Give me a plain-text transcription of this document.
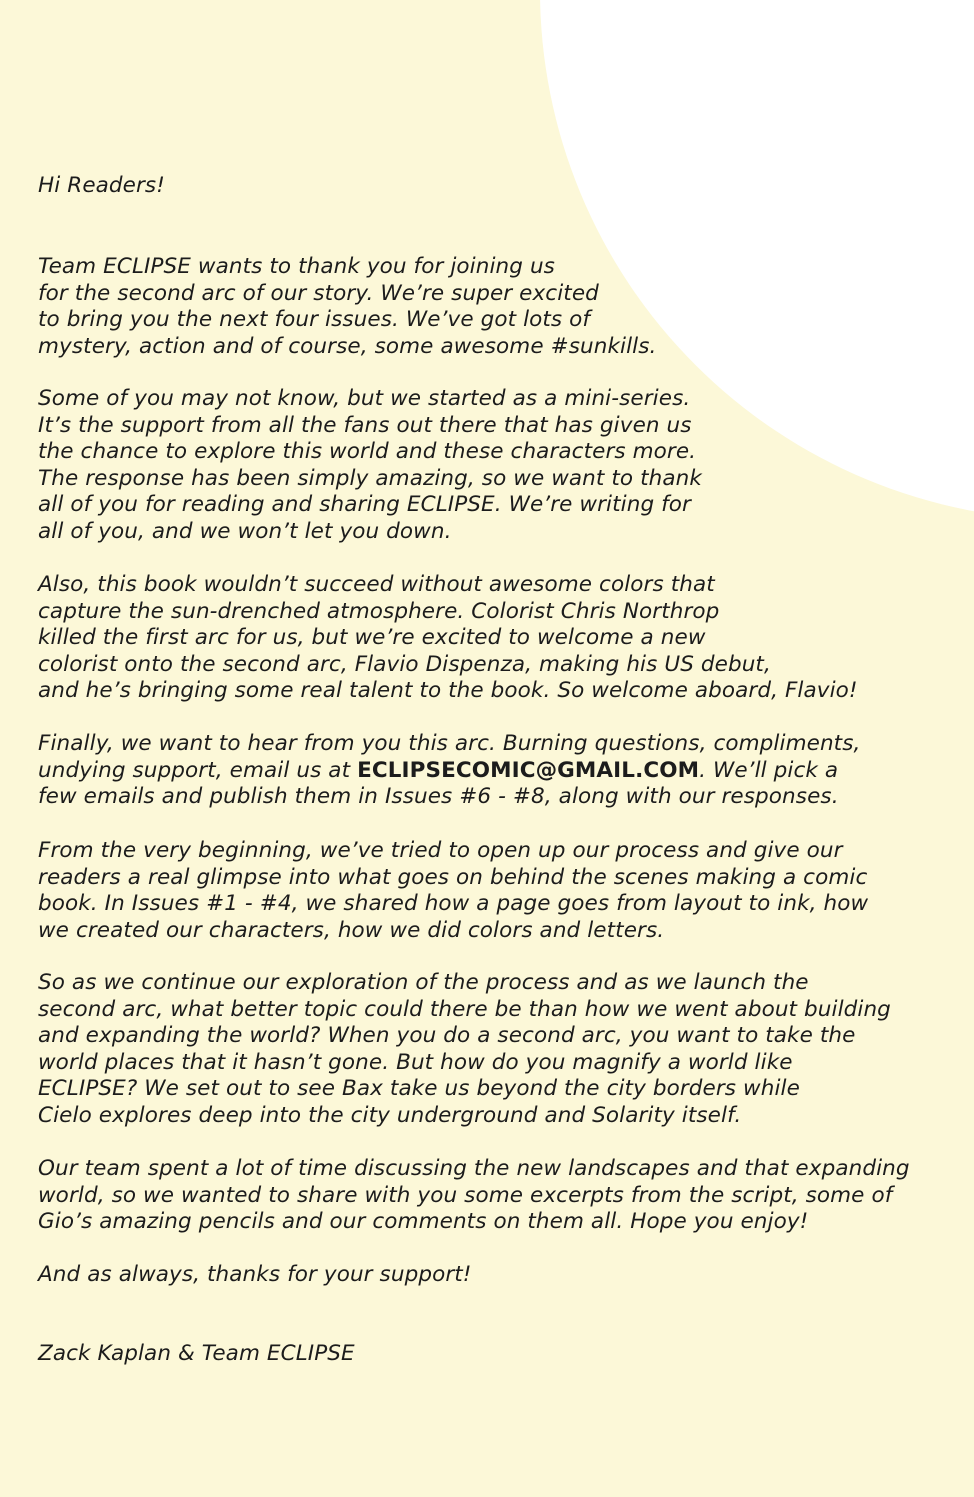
Hi Readers!

Team ECLIPSE wants to thank you for joining us
for the second arc of our story. We’re super excited
to bring you the next four issues. We’ve got lots of
mystery, action and of course, some awesome #sunkills.

Some of you may not know, but we started as a mini-series.
It’s the support from all the fans out there that has given us
the chance to explore this world and these characters more.
The response has been simply amazing, so we want to thank
all of you for reading and sharing ECLIPSE. We’re writing for
all of you, and we won’t let you down.

Also, this book wouldn’t succeed without awesome colors that
capture the sun-drenched atmosphere. Colorist Chris Northrop
killed the first arc for us, but we’re excited to welcome a new
colorist onto the second arc, Flavio Dispenza, making his US debut,
and he’s bringing some real talent to the book. So welcome aboard, Flavio!

Finally, we want to hear from you this arc. Burning questions, compliments,
undying support, email us at ECLIPSECOMIC@GMAIL.COM. We’ll pick a
few emails and publish them in Issues #6 - #8, along with our responses.

From the very beginning, we’ve tried to open up our process and give our
readers a real glimpse into what goes on behind the scenes making a comic
book. In Issues #1 - #4, we shared how a page goes from layout to ink, how
we created our characters, how we did colors and letters.

So as we continue our exploration of the process and as we launch the
second arc, what better topic could there be than how we went about building
and expanding the world? When you do a second arc, you want to take the
world places that it hasn’t gone. But how do you magnify a world like
ECLIPSE? We set out to see Bax take us beyond the city borders while
Cielo explores deep into the city underground and Solarity itself.

Our team spent a lot of time discussing the new landscapes and that expanding
world, so we wanted to share with you some excerpts from the script, some of
Gio’s amazing pencils and our comments on them all. Hope you enjoy!

And as always, thanks for your support!

Zack Kaplan & Team ECLIPSE
